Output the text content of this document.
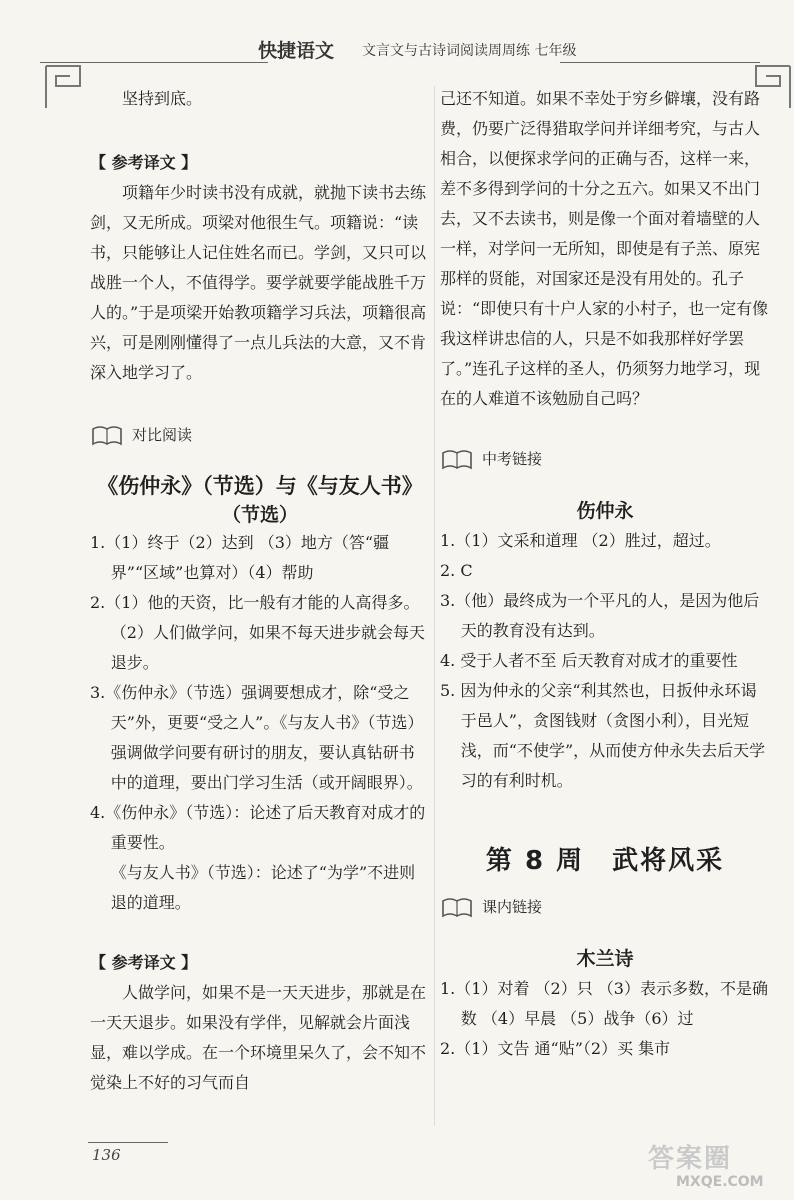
快捷语文 文言文与古诗词阅读周周练 七年级

坚持到底。

【 参考译文 】

项籍年少时读书没有成就，就抛下读书去练剑，又无所成。项梁对他很生气。项籍说：“读书，只能够让人记住姓名而已。学剑，又只可以战胜一个人，不值得学。要学就要学能战胜千万人的。”于是项梁开始教项籍学习兵法，项籍很高兴，可是刚刚懂得了一点儿兵法的大意，又不肯深入地学习了。

对比阅读

《伤仲永》（节选）与《与友人书》

（节选）

1.（1）终于（2）达到 （3）地方（答“疆界”“区域”也算对）（4）帮助

2.（1）他的天资，比一般有才能的人高得多。（2）人们做学问，如果不每天进步就会每天退步。

3.《伤仲永》（节选）强调要想成才，除“受之天”外，更要“受之人”。《与友人书》（节选）强调做学问要有研讨的朋友，要认真钻研书中的道理，要出门学习生活（或开阔眼界）。

4.《伤仲永》（节选）：论述了后天教育对成才的重要性。

《与友人书》（节选）：论述了“为学”不进则退的道理。

【 参考译文 】

人做学问，如果不是一天天进步，那就是在一天天退步。如果没有学伴，见解就会片面浅显，难以学成。在一个环境里呆久了，会不知不觉染上不好的习气而自

己还不知道。如果不幸处于穷乡僻壤，没有路费，仍要广泛得猎取学问并详细考究，与古人相合，以便探求学问的正确与否，这样一来，差不多得到学问的十分之五六。如果又不出门去，又不去读书，则是像一个面对着墙壁的人一样，对学问一无所知，即使是有子羔、原宪那样的贤能，对国家还是没有用处的。孔子说：“即使只有十户人家的小村子，也一定有像我这样讲忠信的人，只是不如我那样好学罢了。”连孔子这样的圣人，仍须努力地学习，现在的人难道不该勉励自己吗？

中考链接

伤仲永

1.（1）文采和道理 （2）胜过，超过。

2. C

3.（他）最终成为一个平凡的人，是因为他后天的教育没有达到。

4. 受于人者不至 后天教育对成才的重要性

5. 因为仲永的父亲“利其然也，日扳仲永环谒于邑人”，贪图钱财（贪图小利），目光短浅，而“不使学”，从而使方仲永失去后天学习的有利时机。

第 8 周　武将风采

课内链接

木兰诗

1.（1）对着 （2）只 （3）表示多数，不是确数 （4）早晨 （5）战争（6）过

2.（1）文告 通“贴”（2）买 集市

136	答案圈
MXQE.COM
